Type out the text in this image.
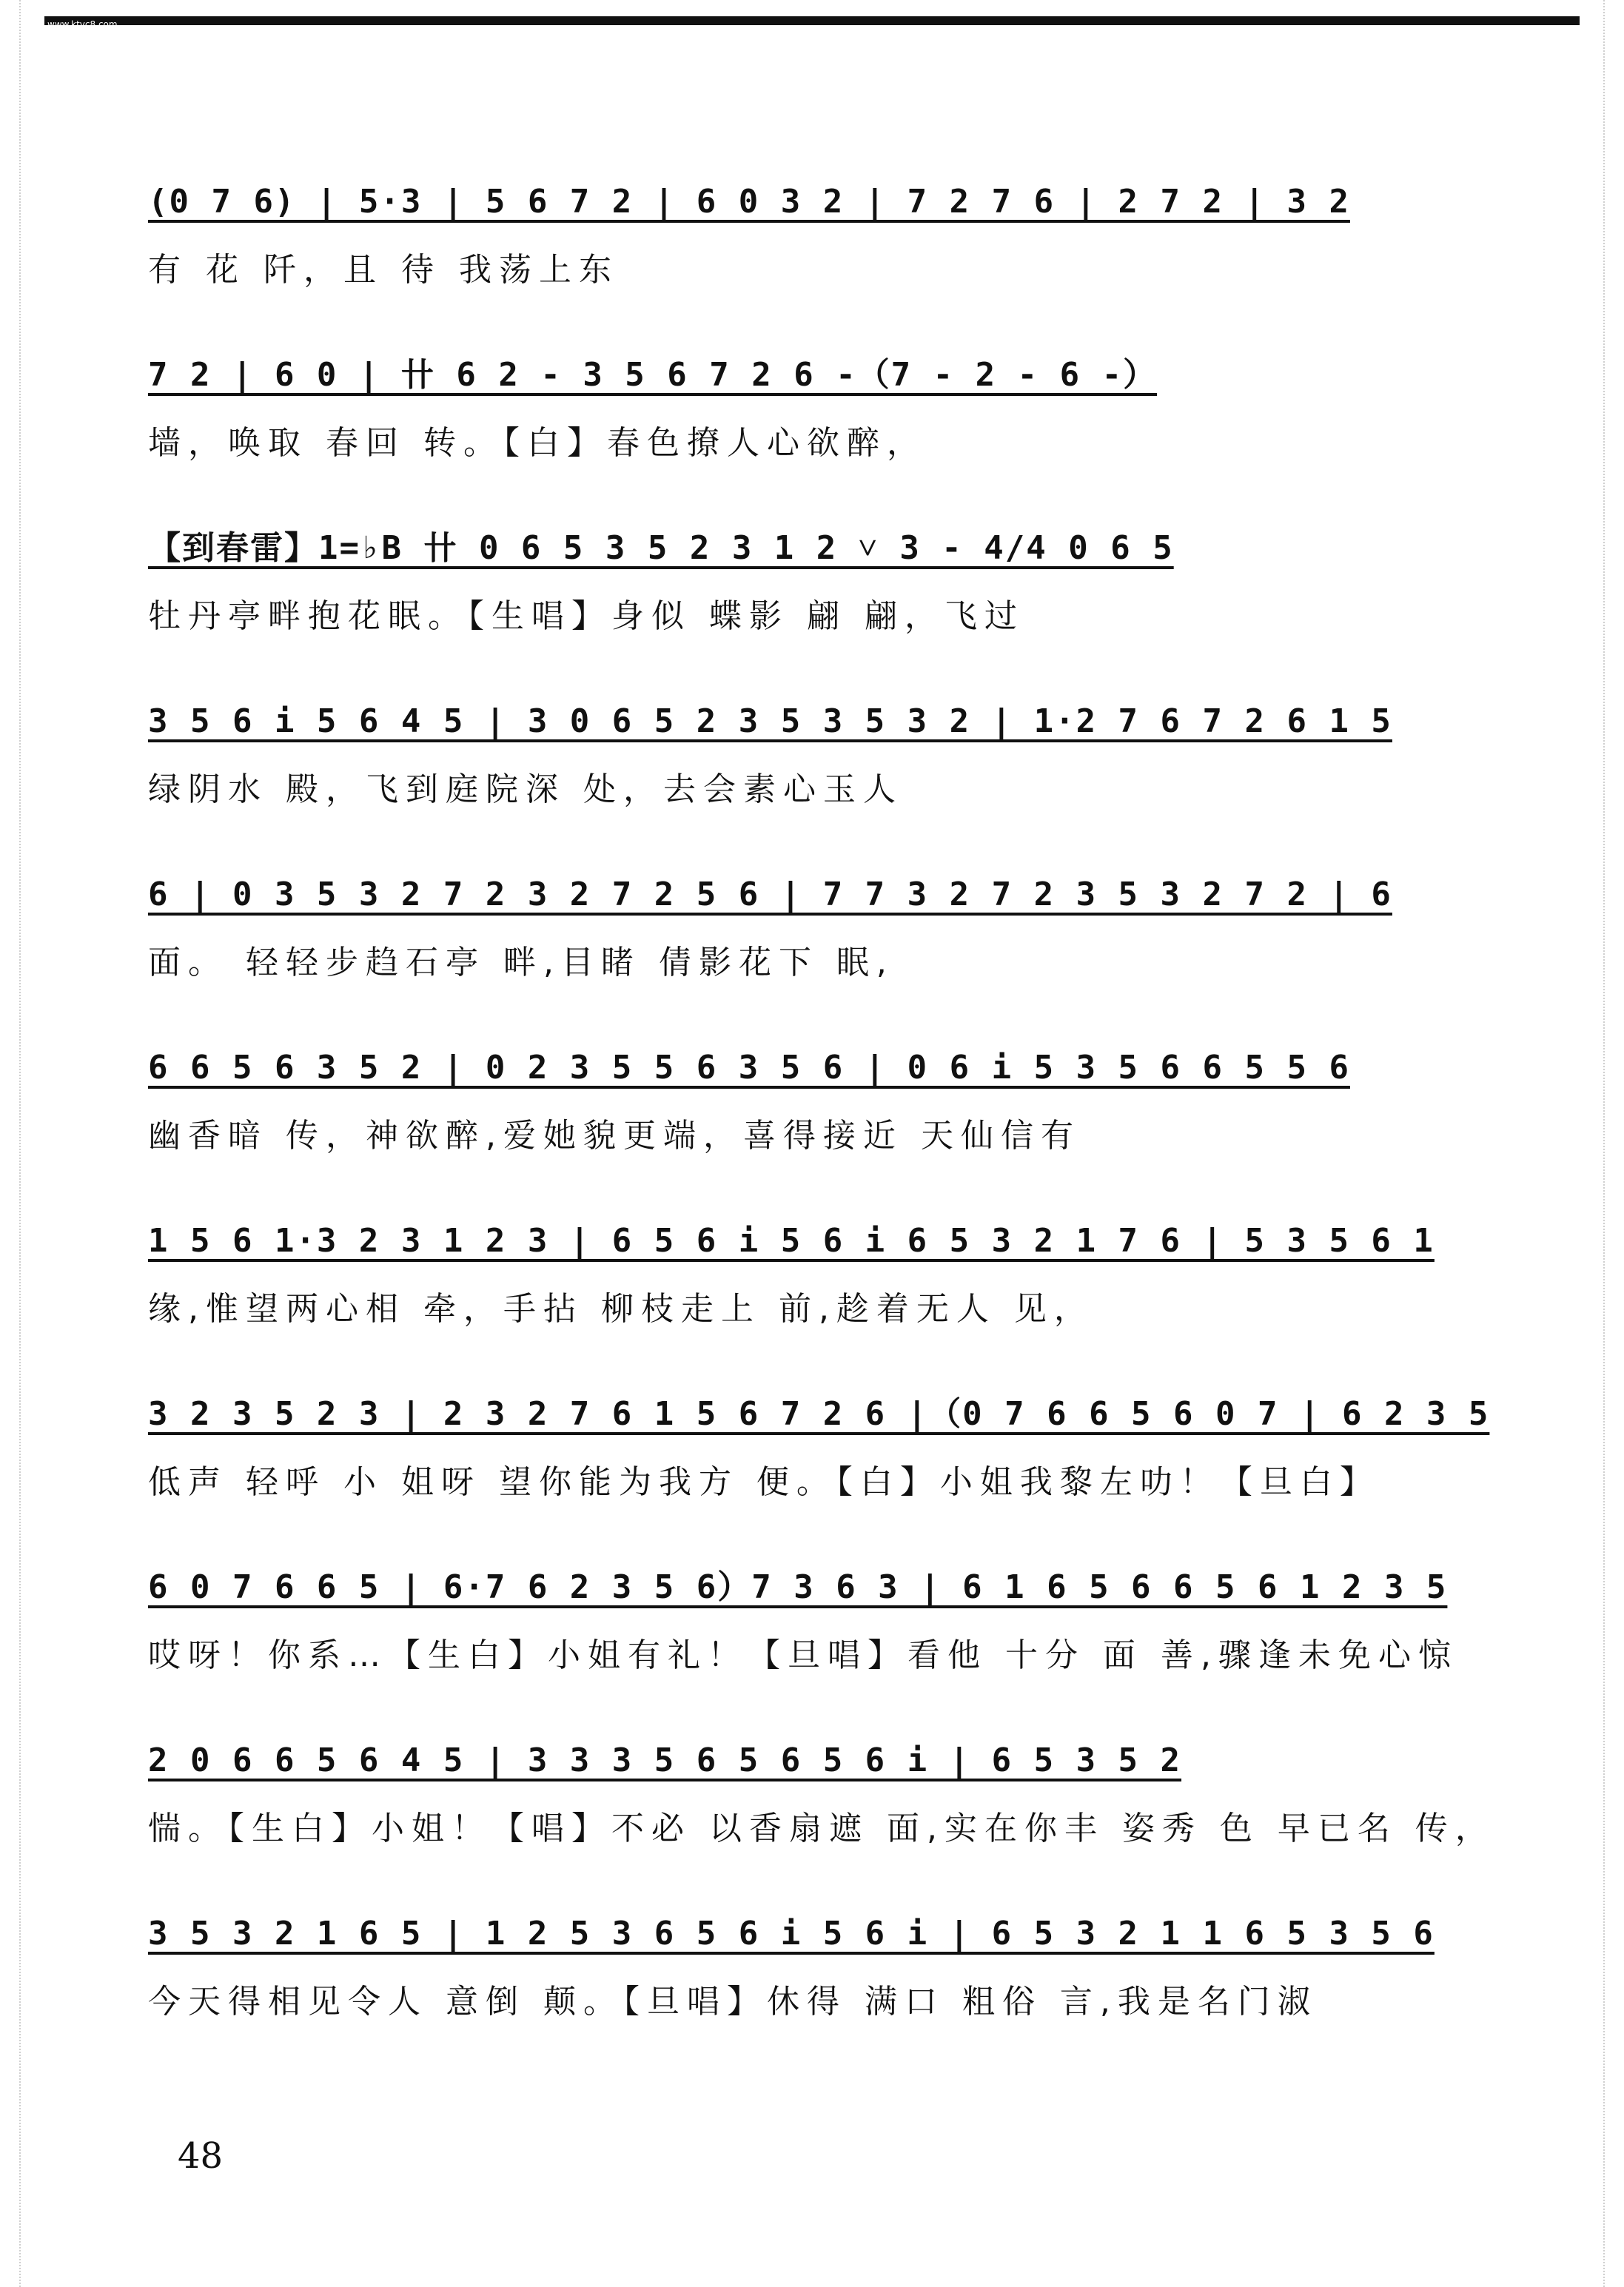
www.ktvc8.com
(0 7 6) | 5·3 | 5 6 7 2 | 6 0 3 2 | 7 2 7 6 | 2 7 2 | 3 2
有 花 阡，且 待 我荡上东
7 2 | 6 0 | 卄 6 2 - 3 5 6 7 2 6 -（7 - 2 - 6 -）
墙，唤取 春回 转。【白】春色撩人心欲醉，
【到春雷】1=♭B 卄 0 6 5 3 5 2 3 1 2 ˅ 3 - 4/4 0 6 5
牡丹亭畔抱花眠。【生唱】身似 蝶影 翩 翩，飞过
3 5 6 i 5 6 4 5 | 3 0 6 5 2 3 5 3 5 3 2 | 1·2 7 6 7 2 6 1 5
绿阴水 殿，飞到庭院深 处，去会素心玉人
6 | 0 3 5 3 2 7 2 3 2 7 2 5 6 | 7 7 3 2 7 2 3 5 3 2 7 2 | 6
面。 轻轻步趋石亭 畔,目睹 倩影花下 眠,
6 6 5 6 3 5 2 | 0 2 3 5 5 6 3 5 6 | 0 6 i 5 3 5 6 6 5 5 6
幽香暗 传，神欲醉,爱她貌更端，喜得接近 天仙信有
1 5 6 1·3 2 3 1 2 3 | 6 5 6 i 5 6 i 6 5 3 2 1 7 6 | 5 3 5 6 1
缘,惟望两心相 牵，手拈 柳枝走上 前,趁着无人 见，
3 2 3 5 2 3 | 2 3 2 7 6 1 5 6 7 2 6 |（0 7 6 6 5 6 0 7 | 6 2 3 5
低声 轻呼 小 姐呀 望你能为我方 便。【白】小姐我黎左叻！【旦白】
6 0 7 6 6 5 | 6·7 6 2 3 5 6）7 3 6 3 | 6 1 6 5 6 6 5 6 1 2 3 5
哎呀！你系…【生白】小姐有礼！【旦唱】看他 十分 面 善,骤逢未免心惊
2 0 6 6 5 6 4 5 | 3 3 3 5 6 5 6 5 6 i | 6 5 3 5 2
惴。【生白】小姐！【唱】不必 以香扇遮 面,实在你丰 姿秀 色 早已名 传，
3 5 3 2 1 6 5 | 1 2 5 3 6 5 6 i 5 6 i | 6 5 3 2 1 1 6 5 3 5 6
今天得相见令人 意倒 颠。【旦唱】休得 满口 粗俗 言,我是名门淑
48
